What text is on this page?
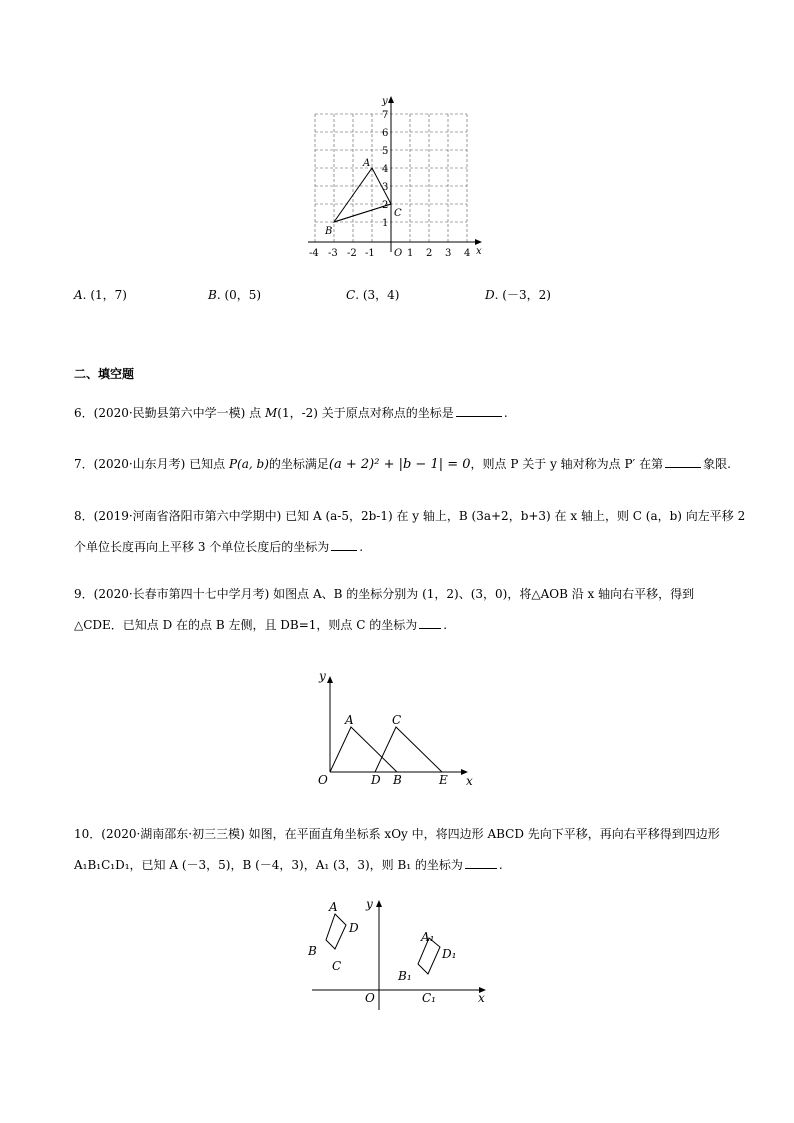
-4 -3 -2 -1	1 2 3 4
1
2
3
4
5
6
7
O	x
y
A
B
C
A. (1，7)	B. (0，5)	C. (3，4)	D. (－3，2)
二、填空题
6．(2020·民勤县第六中学一模) 点 M(1，-2) 关于原点对称点的坐标是	.
7．(2020·山东月考) 已知点 P(a, b)的坐标满足(a + 2)² + |b − 1| = 0，则点 P 关于 y 轴对称为点 P′ 在第	象限.
8．(2019·河南省洛阳市第六中学期中) 已知 A (a-5，2b-1) 在 y 轴上，B (3a+2，b+3) 在 x 轴上，则 C (a，b) 向左平移 2
个单位长度再向上平移 3 个单位长度后的坐标为	.
9．(2020·长春市第四十七中学月考) 如图点 A、B 的坐标分别为 (1，2)、(3，0)，将△AOB 沿 x 轴向右平移，得到
△CDE．已知点 D 在的点 B 左侧，且 DB=1，则点 C 的坐标为 .
y
A	C
O	D B	E x
10．(2020·湖南邵东·初三三模) 如图，在平面直角坐标系 xOy 中，将四边形 ABCD 先向下平移，再向右平移得到四边形
A₁B₁C₁D₁，已知 A (－3，5)，B (－4，3)，A₁ (3，3)，则 B₁ 的坐标为	.
y
A
D
B
C
A₁
D₁
B₁
C₁
O	x
